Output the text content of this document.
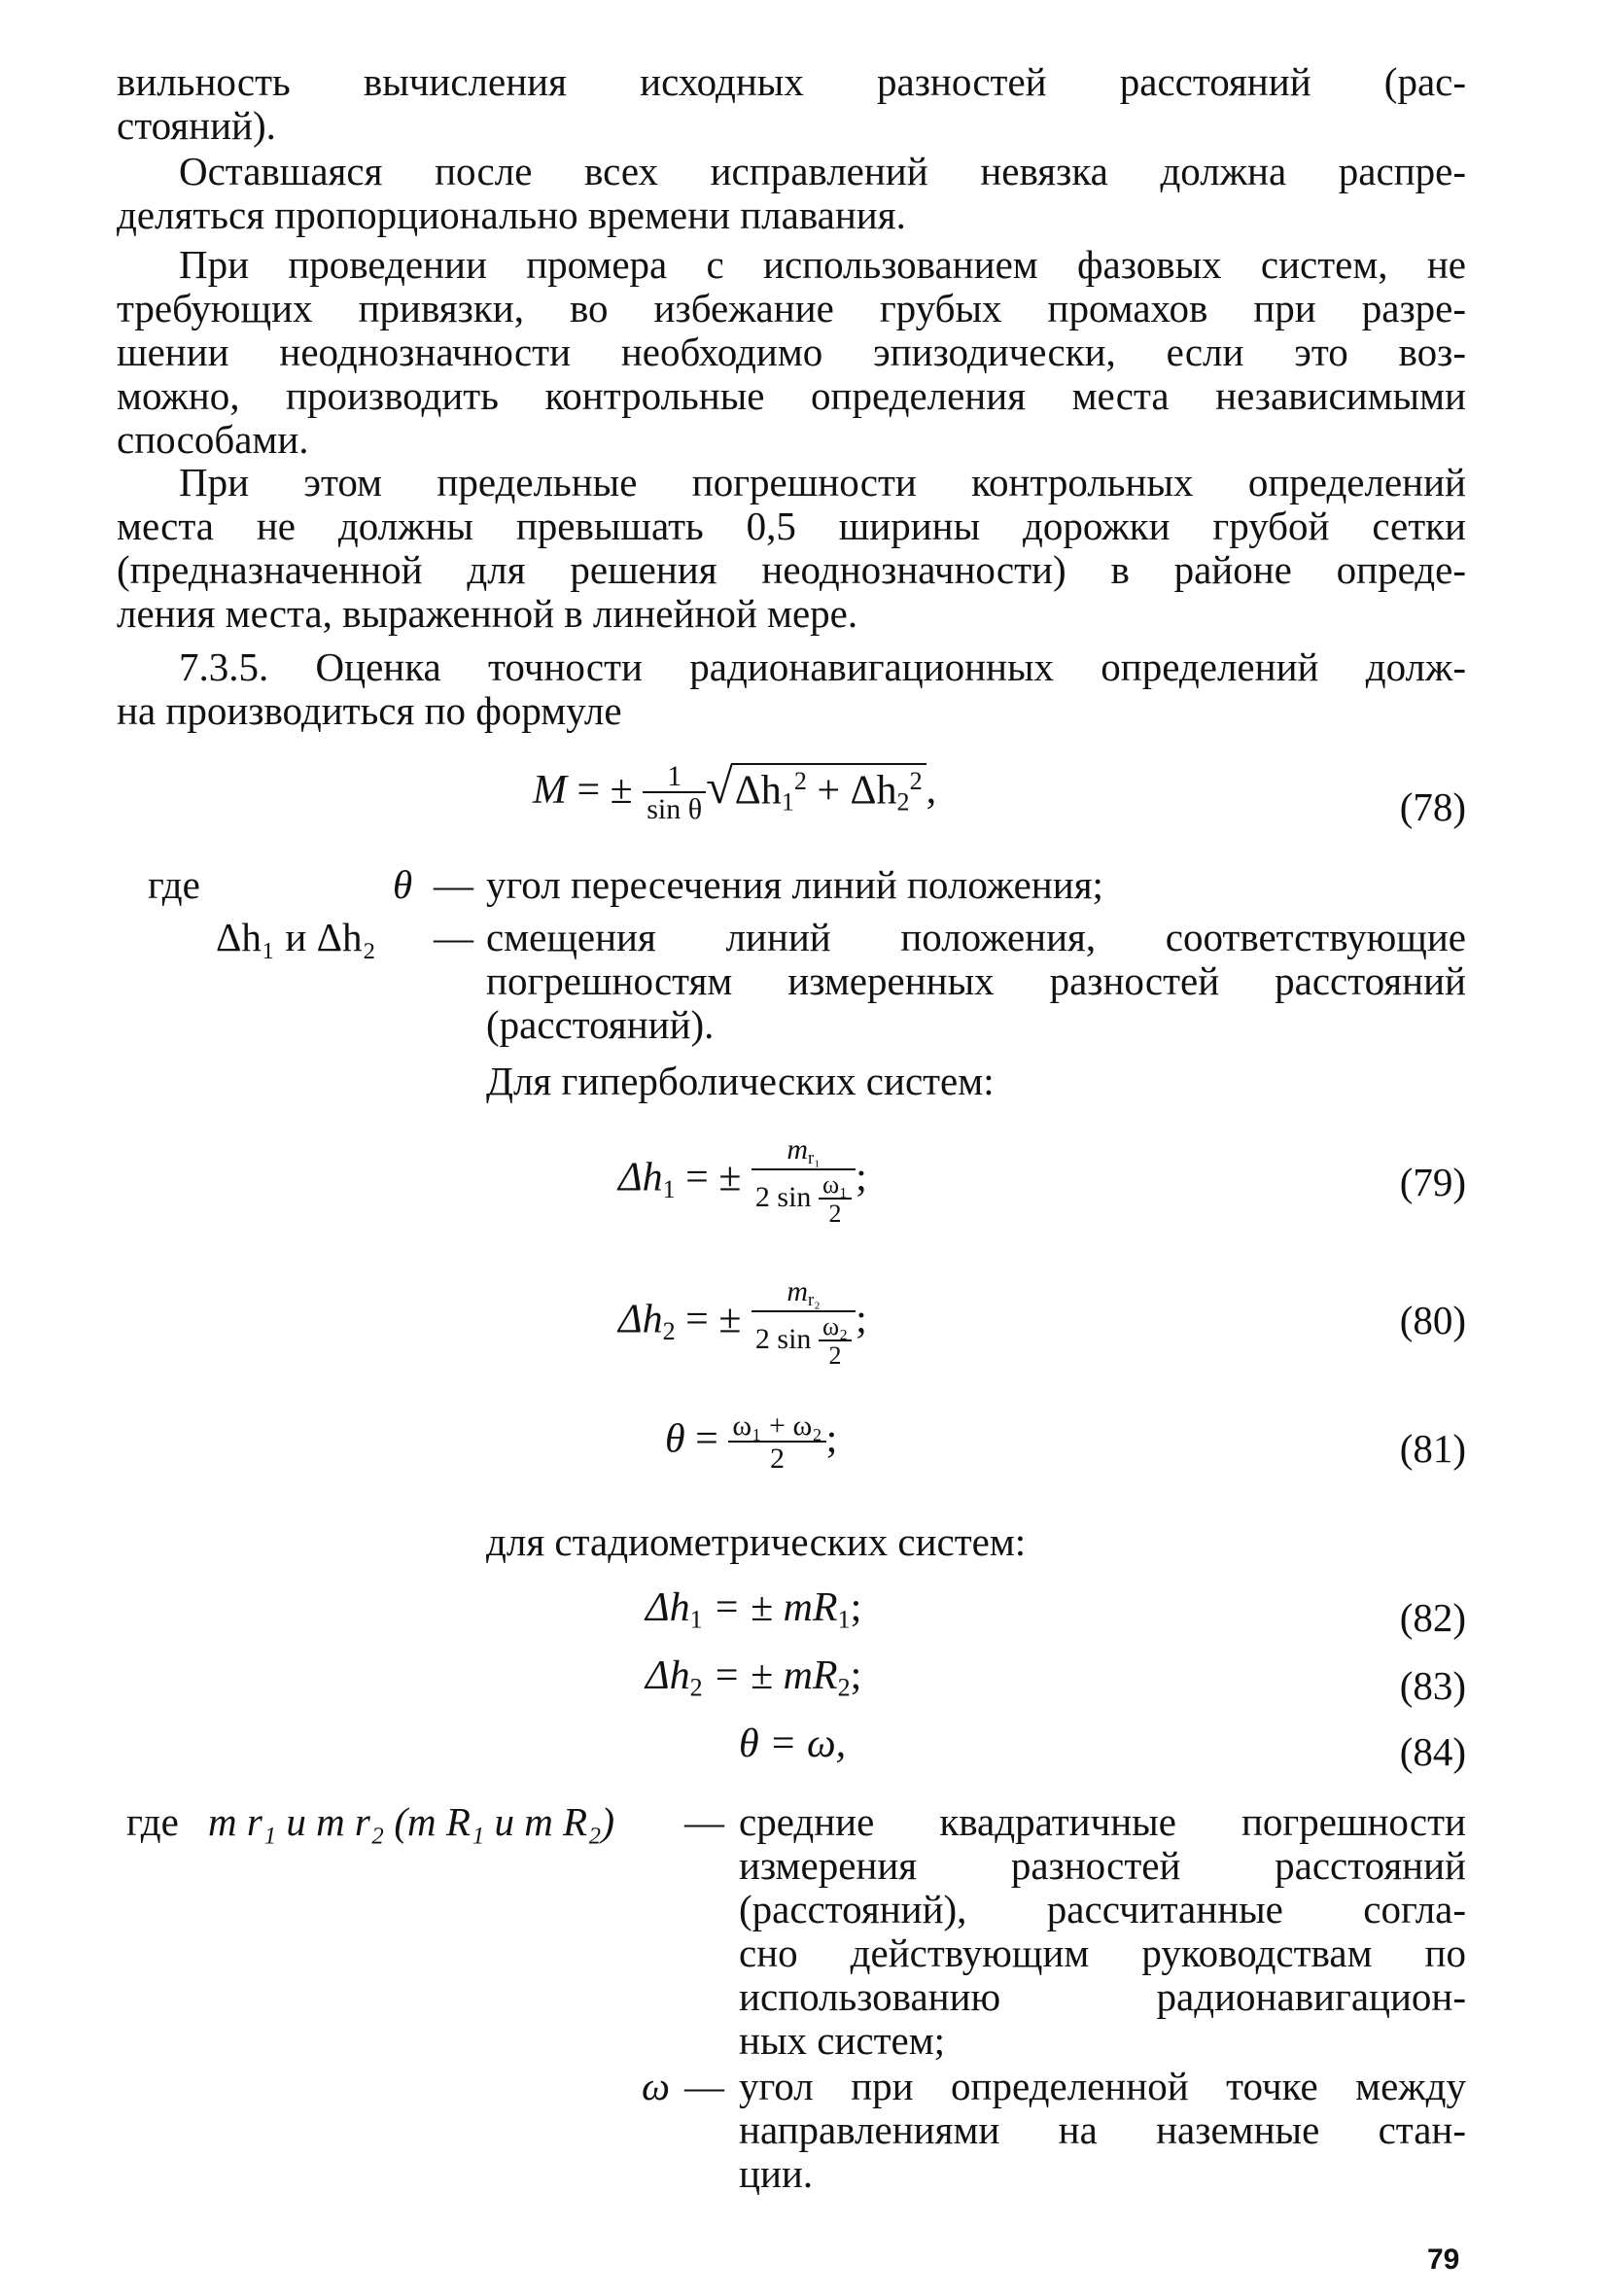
вильность вычисления исходных разностей расстояний (рас-
стояний).
Оставшаяся после всех исправлений невязка должна распре-
деляться пропорционально времени плавания.
При проведении промера с использованием фазовых систем, не
требующих привязки, во избежание грубых промахов при разре-
шении неоднозначности необходимо эпизодически, если это воз-
можно, производить контрольные определения места независимыми
способами.
При этом предельные погрешности контрольных определений
места не должны превышать 0,5 ширины дорожки грубой сетки
(предназначенной для решения неоднозначности) в районе опреде-
ления места, выраженной в линейной мере.
7.3.5. Оценка точности радионавигационных определений долж-
на производиться по формуле
M = ± $\frac{1}{\text{sin θ}} √\Delta h_1^2 + \Delta h_2^2$,	(78)
где	θ — угол пересечения линий положения;
Δh₁ и Δh₂ — смещения линий положения, соответствующие
погрешностям измеренных разностей расстояний
(расстояний).
Для гиперболических систем:
$\Delta h_1$ = ± $\frac{m_{r_1}}{2 \sin \frac{\text{ω₁}}{2}}$ ;	(79)
$\Delta h_2$ = ± $\frac{m_{r_2}}{2 \sin \frac{\text{ω₂}}{2}}$ ;	(80)
$\theta = \frac{\text{ω₁ + ω₂}}{2}$ ;	(81)
для стадиометрических систем:
$\Delta h_1$ = ± $mR_1$;	(82)
$\Delta h_2$ = ± $mR_2$;	(83)
θ = ω,	(84)
где m r₁ и m r₂ (m R₁ и m R₂) — средние квадратичные погрешности
измерения разностей расстояний
(расстояний), рассчитанные согла-
сно действующим руководствам по
использованию радионавигацион-
ных систем;
ω — угол при определенной точке между
направлениями на наземные стан-
ции.
79
